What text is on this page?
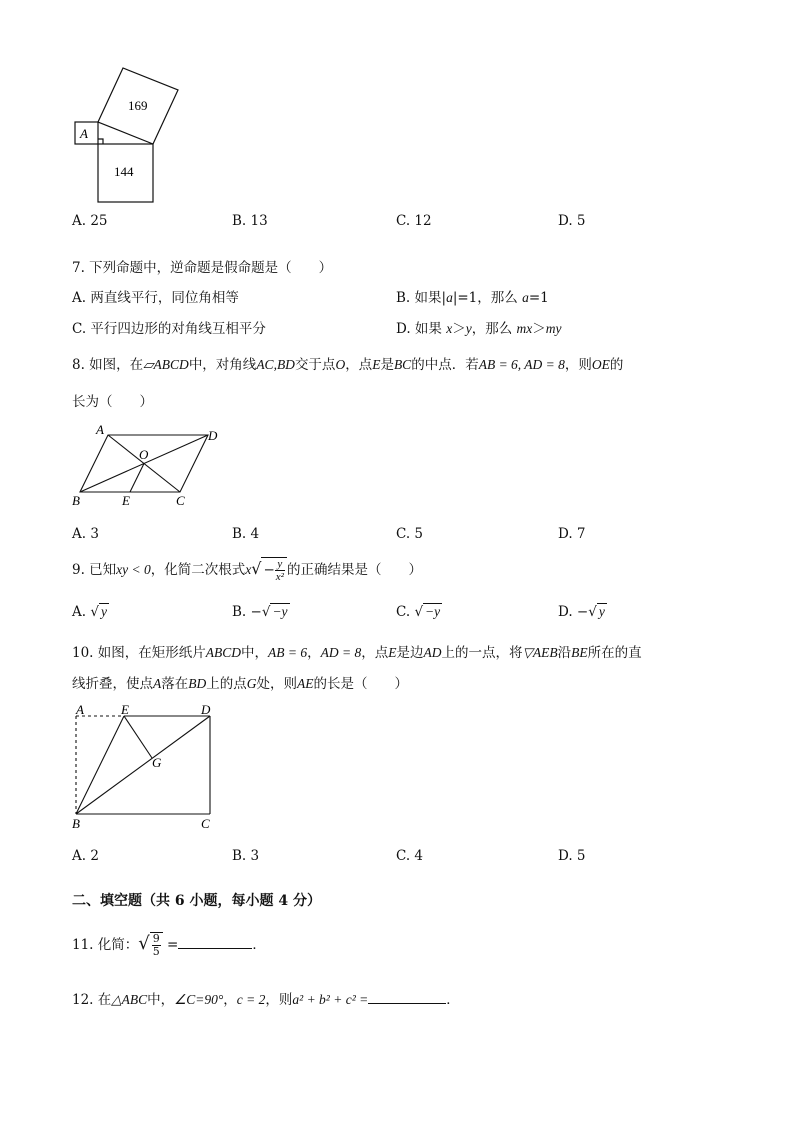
169
144
A
A. 25	B. 13	C. 12	D. 5
7. 下列命题中，逆命题是假命题是（　　）
A. 两直线平行，同位角相等	B. 如果|a|=1，那么 a=1
C. 平行四边形的对角线互相平分	D. 如果 x＞y，那么 mx＞my
8. 如图，在▱ABCD中，对角线AC,BD交于点O，点E是BC的中点．若AB = 6, AD = 8，则OE的
长为（　　）
A	D
O
B	E	C
A. 3	B. 4	C. 5	D. 7
9. 已知xy < 0，化简二次根式$x√ - \frac{y}{\text{x²}}$ 的正确结果是（　　）
A. √ y	B. −√ −y	C. √ −y	D. −√ y
10. 如图，在矩形纸片ABCD中，AB = 6，AD = 8，点E是边AD上的一点，将▽AEB沿BE所在的直
线折叠，使点A落在BD上的点G处，则AE的长是（　　）
A	E	D
G
B	C
A. 2	B. 3	C. 4	D. 5
二、填空题（共 6 小题，每小题 4 分）
11. 化简：√ $\frac{9}{5}$ =	．
12. 在△ABC中，∠C=90°，c = 2，则a² + b² + c² =	．
